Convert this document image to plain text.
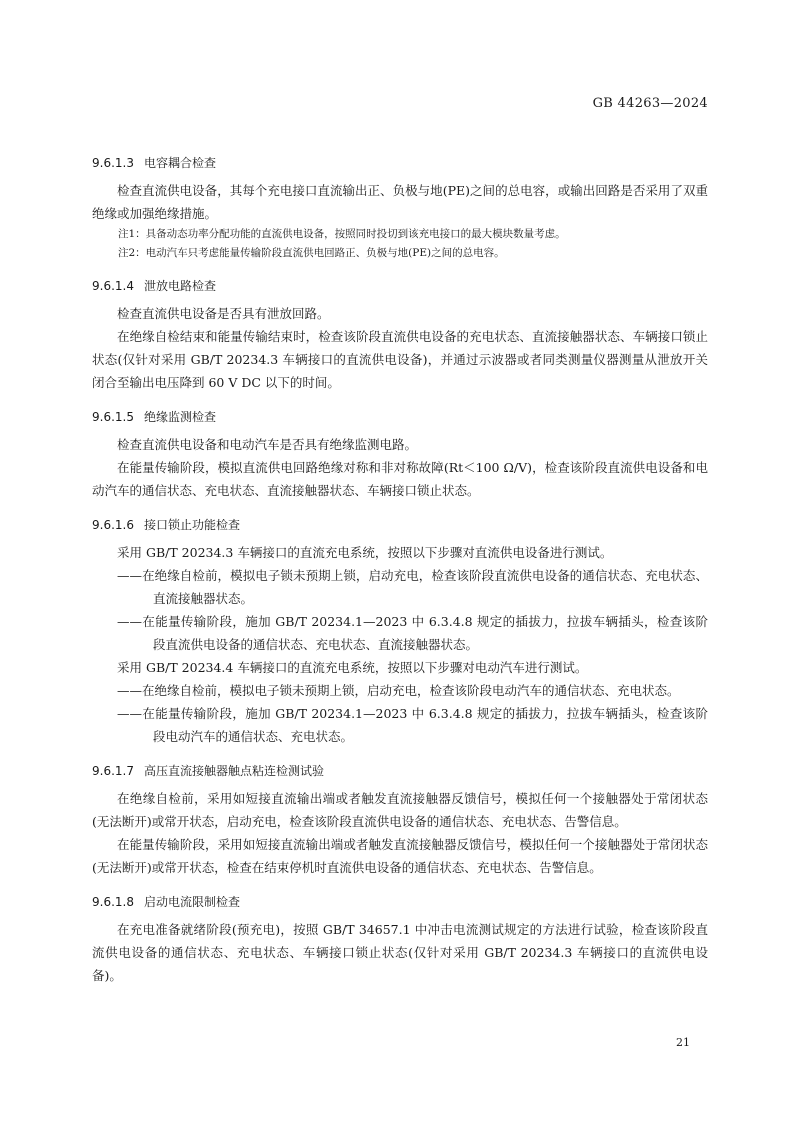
GB 44263—2024
9.6.1.3 电容耦合检查

检查直流供电设备，其每个充电接口直流输出正、负极与地(PE)之间的总电容，或输出回路是否采用了双重绝缘或加强绝缘措施。

注1：具备动态功率分配功能的直流供电设备，按照同时投切到该充电接口的最大模块数量考虑。

注2：电动汽车只考虑能量传输阶段直流供电回路正、负极与地(PE)之间的总电容。

9.6.1.4 泄放电路检查

检查直流供电设备是否具有泄放回路。

在绝缘自检结束和能量传输结束时，检查该阶段直流供电设备的充电状态、直流接触器状态、车辆接口锁止状态(仅针对采用 GB/T 20234.3 车辆接口的直流供电设备)，并通过示波器或者同类测量仪器测量从泄放开关闭合至输出电压降到 60 V DC 以下的时间。

9.6.1.5 绝缘监测检查

检查直流供电设备和电动汽车是否具有绝缘监测电路。

在能量传输阶段，模拟直流供电回路绝缘对称和非对称故障(Rt＜100 Ω/V)，检查该阶段直流供电设备和电动汽车的通信状态、充电状态、直流接触器状态、车辆接口锁止状态。

9.6.1.6 接口锁止功能检查

采用 GB/T 20234.3 车辆接口的直流充电系统，按照以下步骤对直流供电设备进行测试。

——在绝缘自检前，模拟电子锁未预期上锁，启动充电，检查该阶段直流供电设备的通信状态、充电状态、直流接触器状态。

——在能量传输阶段，施加 GB/T 20234.1—2023 中 6.3.4.8 规定的插拔力，拉拔车辆插头，检查该阶段直流供电设备的通信状态、充电状态、直流接触器状态。

采用 GB/T 20234.4 车辆接口的直流充电系统，按照以下步骤对电动汽车进行测试。

——在绝缘自检前，模拟电子锁未预期上锁，启动充电，检查该阶段电动汽车的通信状态、充电状态。

——在能量传输阶段，施加 GB/T 20234.1—2023 中 6.3.4.8 规定的插拔力，拉拔车辆插头，检查该阶段电动汽车的通信状态、充电状态。

9.6.1.7 高压直流接触器触点粘连检测试验

在绝缘自检前，采用如短接直流输出端或者触发直流接触器反馈信号，模拟任何一个接触器处于常闭状态(无法断开)或常开状态，启动充电，检查该阶段直流供电设备的通信状态、充电状态、告警信息。

在能量传输阶段，采用如短接直流输出端或者触发直流接触器反馈信号，模拟任何一个接触器处于常闭状态(无法断开)或常开状态，检查在结束停机时直流供电设备的通信状态、充电状态、告警信息。

9.6.1.8 启动电流限制检查

在充电准备就绪阶段(预充电)，按照 GB/T 34657.1 中冲击电流测试规定的方法进行试验，检查该阶段直流供电设备的通信状态、充电状态、车辆接口锁止状态(仅针对采用 GB/T 20234.3 车辆接口的直流供电设备)。

21
